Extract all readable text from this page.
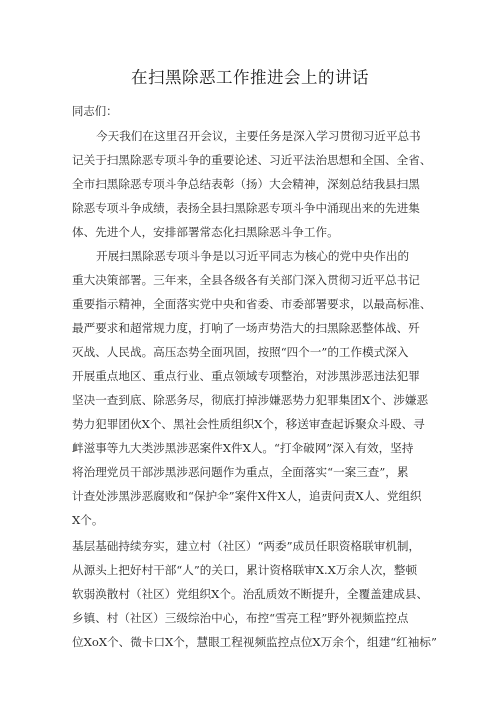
在扫黑除恶工作推进会上的讲话
同志们：
今天我们在这里召开会议，主要任务是深入学习贯彻习近平总书
记关于扫黑除恶专项斗争的重要论述、习近平法治思想和全国、全省、
全市扫黑除恶专项斗争总结表彰（扬）大会精神，深刻总结我县扫黑
除恶专项斗争成绩，表扬全县扫黑除恶专项斗争中涌现出来的先进集
体、先进个人，安排部署常态化扫黑除恶斗争工作。
开展扫黑除恶专项斗争是以习近平同志为核心的党中央作出的
重大决策部署。三年来，全县各级各有关部门深入贯彻习近平总书记
重要指示精神，全面落实党中央和省委、市委部署要求，以最高标准、
最严要求和超常规力度，打响了一场声势浩大的扫黑除恶整体战、歼
灭战、人民战。高压态势全面巩固，按照“四个一”的工作模式深入
开展重点地区、重点行业、重点领域专项整治，对涉黑涉恶违法犯罪
坚决一查到底、除恶务尽，彻底打掉涉嫌恶势力犯罪集团X个、涉嫌恶
势力犯罪团伙X个、黑社会性质组织X个，移送审查起诉聚众斗殴、寻
衅滋事等九大类涉黑涉恶案件X件X人。“打伞破网”深入有效，坚持
将治理党员干部涉黑涉恶问题作为重点，全面落实“一案三查”，累
计查处涉黑涉恶腐败和“保护伞”案件X件X人，追责问责X人、党组织
X个。
基层基础持续夯实，建立村（社区）“两委”成员任职资格联审机制，
从源头上把好村干部“人”的关口，累计资格联审X.X万余人次，整顿
软弱涣散村（社区）党组织X个。治乱质效不断提升，全覆盖建成县、
乡镇、村（社区）三级综治中心，布控“雪亮工程”野外视频监控点
位XoX个、微卡口X个，慧眼工程视频监控点位X万余个，组建“红袖标”
